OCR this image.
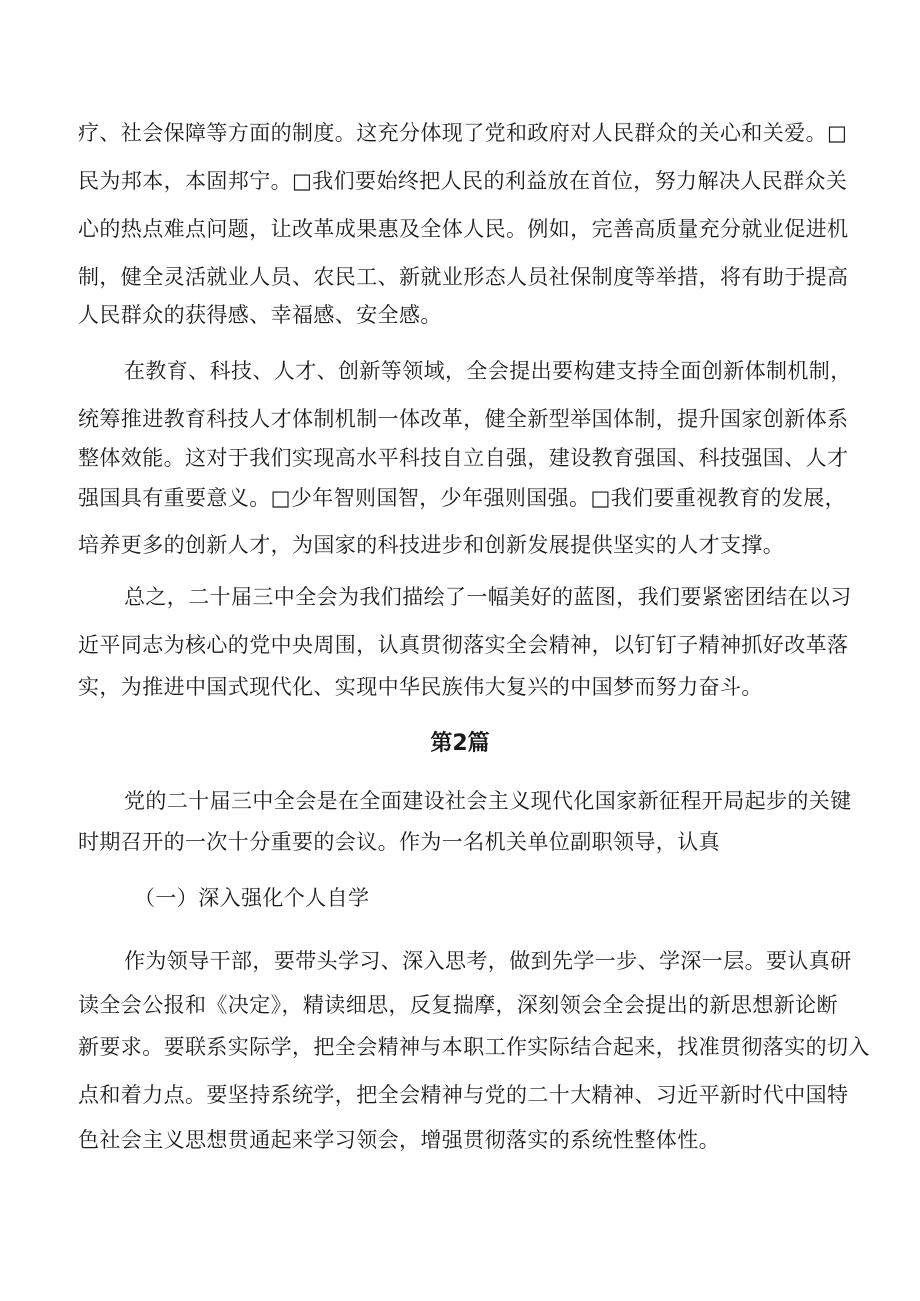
疗、社会保障等方面的制度。这充分体现了党和政府对人民群众的关心和关爱。□
民为邦本，本固邦宁。□我们要始终把人民的利益放在首位，努力解决人民群众关
心的热点难点问题，让改革成果惠及全体人民。例如，完善高质量充分就业促进机
制，健全灵活就业人员、农民工、新就业形态人员社保制度等举措，将有助于提高
人民群众的获得感、幸福感、安全感。
在教育、科技、人才、创新等领域，全会提出要构建支持全面创新体制机制，
统筹推进教育科技人才体制机制一体改革，健全新型举国体制，提升国家创新体系
整体效能。这对于我们实现高水平科技自立自强，建设教育强国、科技强国、人才
强国具有重要意义。□少年智则国智，少年强则国强。□我们要重视教育的发展，
培养更多的创新人才，为国家的科技进步和创新发展提供坚实的人才支撑。
总之，二十届三中全会为我们描绘了一幅美好的蓝图，我们要紧密团结在以习
近平同志为核心的党中央周围，认真贯彻落实全会精神，以钉钉子精神抓好改革落
实，为推进中国式现代化、实现中华民族伟大复兴的中国梦而努力奋斗。
第2篇
党的二十届三中全会是在全面建设社会主义现代化国家新征程开局起步的关键
时期召开的一次十分重要的会议。作为一名机关单位副职领导，认真
（一）深入强化个人自学
作为领导干部，要带头学习、深入思考，做到先学一步、学深一层。要认真研
读全会公报和《决定》，精读细思，反复揣摩，深刻领会全会提出的新思想新论断
新要求。要联系实际学，把全会精神与本职工作实际结合起来，找准贯彻落实的切入
点和着力点。要坚持系统学，把全会精神与党的二十大精神、习近平新时代中国特
色社会主义思想贯通起来学习领会，增强贯彻落实的系统性整体性。
